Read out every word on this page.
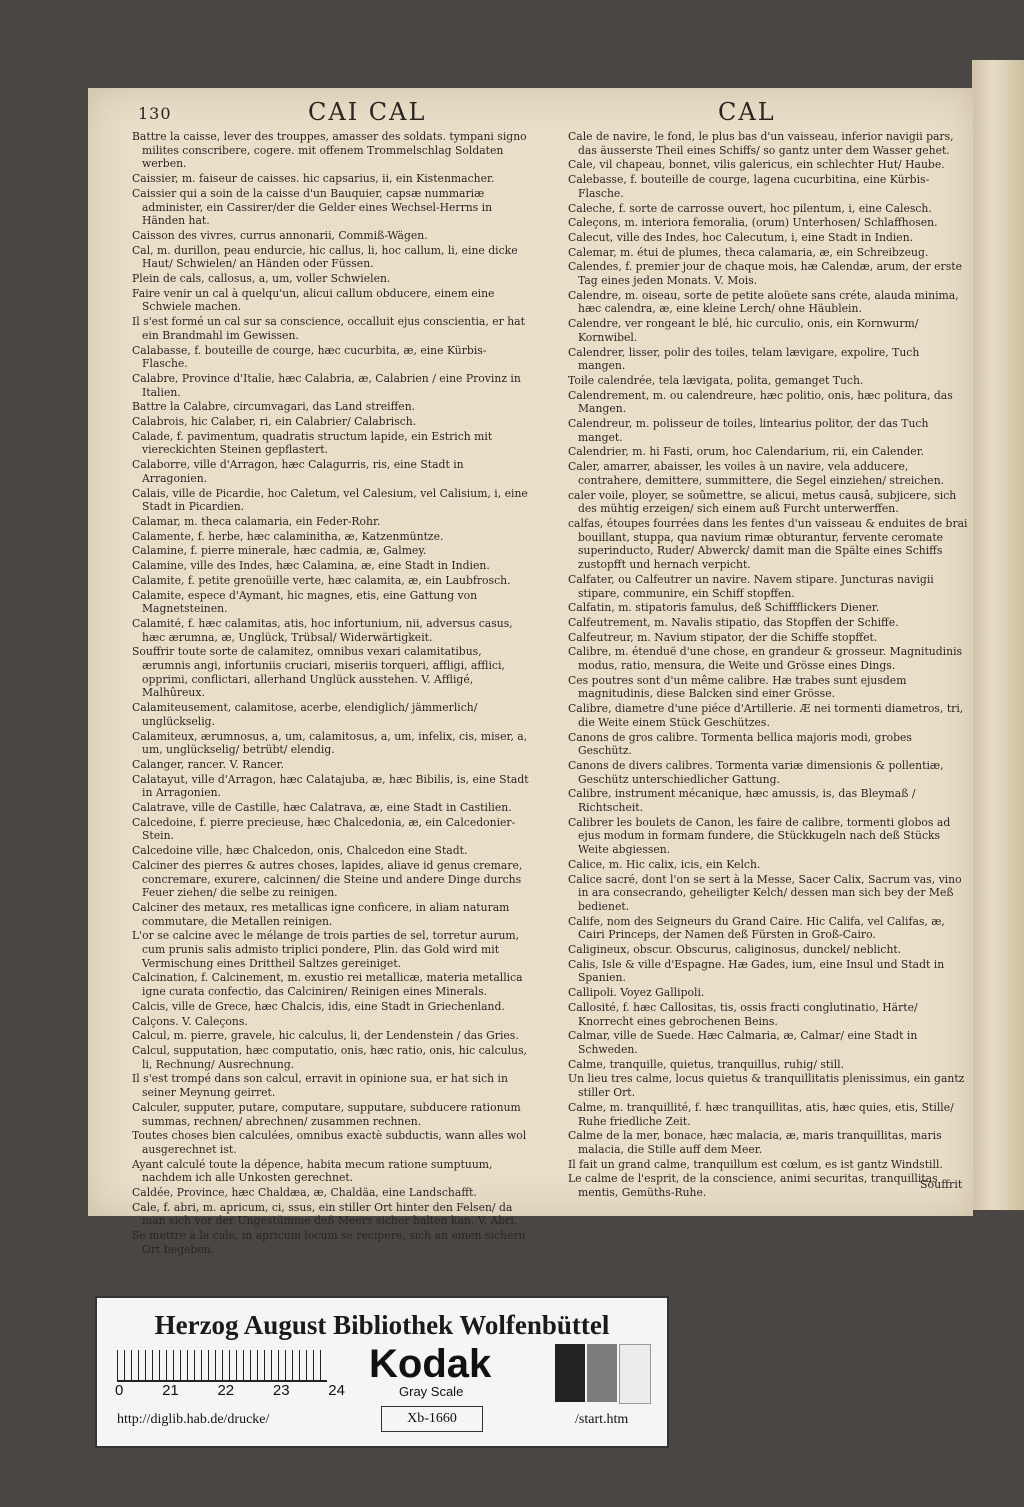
130	CAI CAL	CAL
Battre la caisse, lever des trouppes, amasser des soldats. tympani signo milites conscribere, cogere. mit offenem Trommelschlag Soldaten werben.
Caissier, m. faiseur de caisses. hic capsarius, ii, ein Kistenmacher.
Caissier qui a soin de la caisse d'un Bauquier, capsæ nummariæ administer, ein Cassirer/der die Gelder eines Wechsel-Herrns in Händen hat.
Caisson des vivres, currus annonarii, Commiß-Wägen.
Cal, m. durillon, peau endurcie, hic callus, li, hoc callum, li, eine dicke Haut/ Schwielen/ an Händen oder Füssen.
Plein de cals, callosus, a, um, voller Schwielen.
Faire venir un cal à quelqu'un, alicui callum obducere, einem eine Schwiele machen.
Il s'est formé un cal sur sa conscience, occalluit ejus conscientia, er hat ein Brandmahl im Gewissen.
Calabasse, f. bouteille de courge, hæc cucurbita, æ, eine Kürbis-Flasche.
Calabre, Province d'Italie, hæc Calabria, æ, Calabrien / eine Provinz in Italien.
Battre la Calabre, circumvagari, das Land streiffen.
Calabrois, hic Calaber, ri, ein Calabrier/ Calabrisch.
Calade, f. pavimentum, quadratis structum lapide, ein Estrich mit viereckichten Steinen gepflastert.
Calaborre, ville d'Arragon, hæc Calagurris, ris, eine Stadt in Arragonien.
Calais, ville de Picardie, hoc Caletum, vel Calesium, vel Calisium, i, eine Stadt in Picardien.
Calamar, m. theca calamaria, ein Feder-Rohr.
Calamente, f. herbe, hæc calaminitha, æ, Katzenmüntze.
Calamine, f. pierre minerale, hæc cadmia, æ, Galmey.
Calamine, ville des Indes, hæc Calamina, æ, eine Stadt in Indien.
Calamite, f. petite grenoüille verte, hæc calamita, æ, ein Laubfrosch.
Calamite, espece d'Aymant, hic magnes, etis, eine Gattung von Magnetsteinen.
Calamité, f. hæc calamitas, atis, hoc infortunium, nii, adversus casus, hæc ærumna, æ, Unglück, Trübsal/ Widerwärtigkeit.
Souffrir toute sorte de calamitez, omnibus vexari calamitatibus, ærumnis angi, infortuniis cruciari, miseriis torqueri, affligi, afflici, opprimi, conflictari, allerhand Unglück ausstehen. V. Affligé, Malhûreux.
Calamiteusement, calamitose, acerbe, elendiglich/ jämmerlich/ unglückselig.
Calamiteux, ærumnosus, a, um, calamitosus, a, um, infelix, cis, miser, a, um, unglückselig/ betrübt/ elendig.
Calanger, rancer. V. Rancer.
Calatayut, ville d'Arragon, hæc Calatajuba, æ, hæc Bibilis, is, eine Stadt in Arragonien.
Calatrave, ville de Castille, hæc Calatrava, æ, eine Stadt in Castilien.
Calcedoine, f. pierre precieuse, hæc Chalcedonia, æ, ein Calcedonier-Stein.
Calcedoine ville, hæc Chalcedon, onis, Chalcedon eine Stadt.
Calciner des pierres & autres choses, lapides, aliave id genus cremare, concremare, exurere, calcinnen/ die Steine und andere Dinge durchs Feuer ziehen/ die selbe zu reinigen.
Calciner des metaux, res metallicas igne conficere, in aliam naturam commutare, die Metallen reinigen.
L'or se calcine avec le mélange de trois parties de sel, torretur aurum, cum prunis salis admisto triplici pondere, Plin. das Gold wird mit Vermischung eines Drittheil Saltzes gereiniget.
Calcination, f. Calcinement, m. exustio rei metallicæ, materia metallica igne curata confectio, das Calciniren/ Reinigen eines Minerals.
Calcis, ville de Grece, hæc Chalcis, idis, eine Stadt in Griechenland.
Calçons. V. Caleçons.
Calcul, m. pierre, gravele, hic calculus, li, der Lendenstein / das Gries.
Calcul, supputation, hæc computatio, onis, hæc ratio, onis, hic calculus, li, Rechnung/ Ausrechnung.
Il s'est trompé dans son calcul, erravit in opinione sua, er hat sich in seiner Meynung geirret.
Calculer, supputer, putare, computare, supputare, subducere rationum summas, rechnen/ abrechnen/ zusammen rechnen.
Toutes choses bien calculées, omnibus exactè subductis, wann alles wol ausgerechnet ist.
Ayant calculé toute la dépence, habita mecum ratione sumptuum, nachdem ich alle Unkosten gerechnet.
Caldée, Province, hæc Chaldæa, æ, Chaldäa, eine Landschafft.
Cale, f. abri, m. apricum, ci, ssus, ein stiller Ort hinter den Felsen/ da man sich vor der Ungestümme deß Meers sicher halten kan. V. Abri.
Se mettre à la cale, in apricum locum se recipere, sich an einen sichern Ort begeben.
Cale de navire, le fond, le plus bas d'un vaisseau, inferior navigii pars, das äusserste Theil eines Schiffs/ so gantz unter dem Wasser gehet.
Cale, vil chapeau, bonnet, vilis galericus, ein schlechter Hut/ Haube.
Calebasse, f. bouteille de courge, lagena cucurbitina, eine Kürbis-Flasche.
Caleche, f. sorte de carrosse ouvert, hoc pilentum, i, eine Calesch.
Caleçons, m. interiora femoralia, (orum) Unterhosen/ Schlaffhosen.
Calecut, ville des Indes, hoc Calecutum, i, eine Stadt in Indien.
Calemar, m. étui de plumes, theca calamaria, æ, ein Schreibzeug.
Calendes, f. premier jour de chaque mois, hæ Calendæ, arum, der erste Tag eines jeden Monats. V. Mois.
Calendre, m. oiseau, sorte de petite aloüete sans créte, alauda minima, hæc calendra, æ, eine kleine Lerch/ ohne Häublein.
Calendre, ver rongeant le blé, hic curculio, onis, ein Kornwurm/ Kornwibel.
Calendrer, lisser, polir des toiles, telam lævigare, expolire, Tuch mangen.
Toile calendrée, tela lævigata, polita, gemanget Tuch.
Calendrement, m. ou calendreure, hæc politio, onis, hæc politura, das Mangen.
Calendreur, m. polisseur de toiles, lintearius politor, der das Tuch manget.
Calendrier, m. hi Fasti, orum, hoc Calendarium, rii, ein Calender.
Caler, amarrer, abaisser, les voiles à un navire, vela adducere, contrahere, demittere, summittere, die Segel einziehen/ streichen.
caler voile, ployer, se soûmettre, se alicui, metus causâ, subjicere, sich des mühtig erzeigen/ sich einem auß Furcht unterwerffen.
calfas, étoupes fourrées dans les fentes d'un vaisseau & enduites de brai bouillant, stuppa, qua navium rimæ obturantur, fervente ceromate superinducto, Ruder/ Abwerck/ damit man die Spälte eines Schiffs zustopfft und hernach verpicht.
Calfater, ou Calfeutrer un navire. Navem stipare. Juncturas navigii stipare, communire, ein Schiff stopffen.
Calfatin, m. stipatoris famulus, deß Schiffflickers Diener.
Calfeutrement, m. Navalis stipatio, das Stopffen der Schiffe.
Calfeutreur, m. Navium stipator, der die Schiffe stopffet.
Calibre, m. étenduë d'une chose, en grandeur & grosseur. Magnitudinis modus, ratio, mensura, die Weite und Grösse eines Dings.
Ces poutres sont d'un même calibre. Hæ trabes sunt ejusdem magnitudinis, diese Balcken sind einer Grösse.
Calibre, diametre d'une piéce d'Artillerie. Æ nei tormenti diametros, tri, die Weite einem Stück Geschützes.
Canons de gros calibre. Tormenta bellica majoris modi, grobes Geschütz.
Canons de divers calibres. Tormenta variæ dimensionis & pollentiæ, Geschütz unterschiedlicher Gattung.
Calibre, instrument mécanique, hæc amussis, is, das Bleymaß / Richtscheit.
Calibrer les boulets de Canon, les faire de calibre, tormenti globos ad ejus modum in formam fundere, die Stückkugeln nach deß Stücks Weite abgiessen.
Calice, m. Hic calix, icis, ein Kelch.
Calice sacré, dont l'on se sert à la Messe, Sacer Calix, Sacrum vas, vino in ara consecrando, geheiligter Kelch/ dessen man sich bey der Meß bedienet.
Calife, nom des Seigneurs du Grand Caire. Hic Califa, vel Califas, æ, Cairi Princeps, der Namen deß Fürsten in Groß-Cairo.
Caligineux, obscur. Obscurus, caliginosus, dunckel/ neblicht.
Calis, Isle & ville d'Espagne. Hæ Gades, ium, eine Insul und Stadt in Spanien.
Callipoli. Voyez Gallipoli.
Callosité, f. hæc Callositas, tis, ossis fracti conglutinatio, Härte/ Knorrecht eines gebrochenen Beins.
Calmar, ville de Suede. Hæc Calmaria, æ, Calmar/ eine Stadt in Schweden.
Calme, tranquille, quietus, tranquillus, ruhig/ still.
Un lieu tres calme, locus quietus & tranquillitatis plenissimus, ein gantz stiller Ort.
Calme, m. tranquillité, f. hæc tranquillitas, atis, hæc quies, etis, Stille/ Ruhe friedliche Zeit.
Calme de la mer, bonace, hæc malacia, æ, maris tranquillitas, maris malacia, die Stille auff dem Meer.
Il fait un grand calme, tranquillum est cœlum, es ist gantz Windstill.
Le calme de l'esprit, de la conscience, animi securitas, tranquillitas mentis, Gemüths-Ruhe.
Souffrit
Herzog August Bibliothek Wolfenbüttel
0	21	22	23	24
Kodak
Gray Scale
http://diglib.hab.de/drucke/	Xb-1660	/start.htm
